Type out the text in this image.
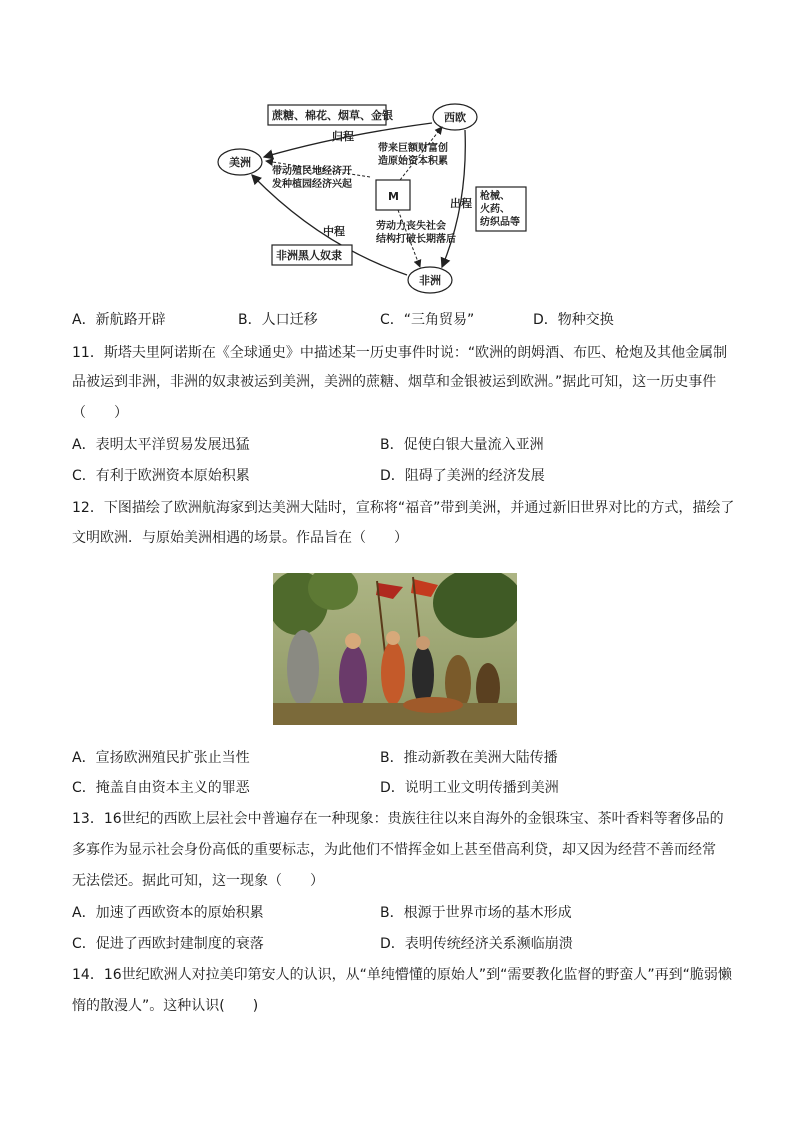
蔗糖、棉花、烟草、金银	西欧
美洲
非洲
归程
出程
中程
带动殖民地经济开
发种植园经济兴起
带来巨额财富创
造原始资本积累
M
劳动力丧失社会
结构打破长期落后
枪械、
火药、
纺织品等
非洲黑人奴隶
A．新航路开辟	B．人口迁移	C．“三角贸易”	D．物种交换
11．斯塔夫里阿诺斯在《全球通史》中描述某一历史事件时说：“欧洲的朗姆酒、布匹、枪炮及其他金属制
品被运到非洲，非洲的奴隶被运到美洲，美洲的蔗糖、烟草和金银被运到欧洲。”据此可知，这一历史事件
（　　）
A．表明太平洋贸易发展迅猛	B．促使白银大量流入亚洲
C．有利于欧洲资本原始积累	D．阻碍了美洲的经济发展
12．下图描绘了欧洲航海家到达美洲大陆时，宣称将“福音”带到美洲，并通过新旧世界对比的方式，描绘了
文明欧洲．与原始美洲相遇的场景。作品旨在（　　）
A．宣扬欧洲殖民扩张止当性	B．推动新教在美洲大陆传播
C．掩盖自由资本主义的罪恶	D．说明工业文明传播到美洲
13．16世纪的西欧上层社会中普遍存在一种现象：贵族往往以来自海外的金银珠宝、茶叶香料等奢侈品的
多寡作为显示社会身份高低的重要标志，为此他们不惜挥金如上甚至借高利贷，却又因为经营不善而经常
无法偿还。据此可知，这一现象（　　）
A．加速了西欧资本的原始积累	B．根源于世界市场的基木形成
C．促进了西欧封建制度的衰落	D．表明传统经济关系濒临崩溃
14．16世纪欧洲人对拉美印第安人的认识，从“单纯懵懂的原始人”到“需要教化监督的野蛮人”再到“脆弱懒
惰的散漫人”。这种认识(　　)
